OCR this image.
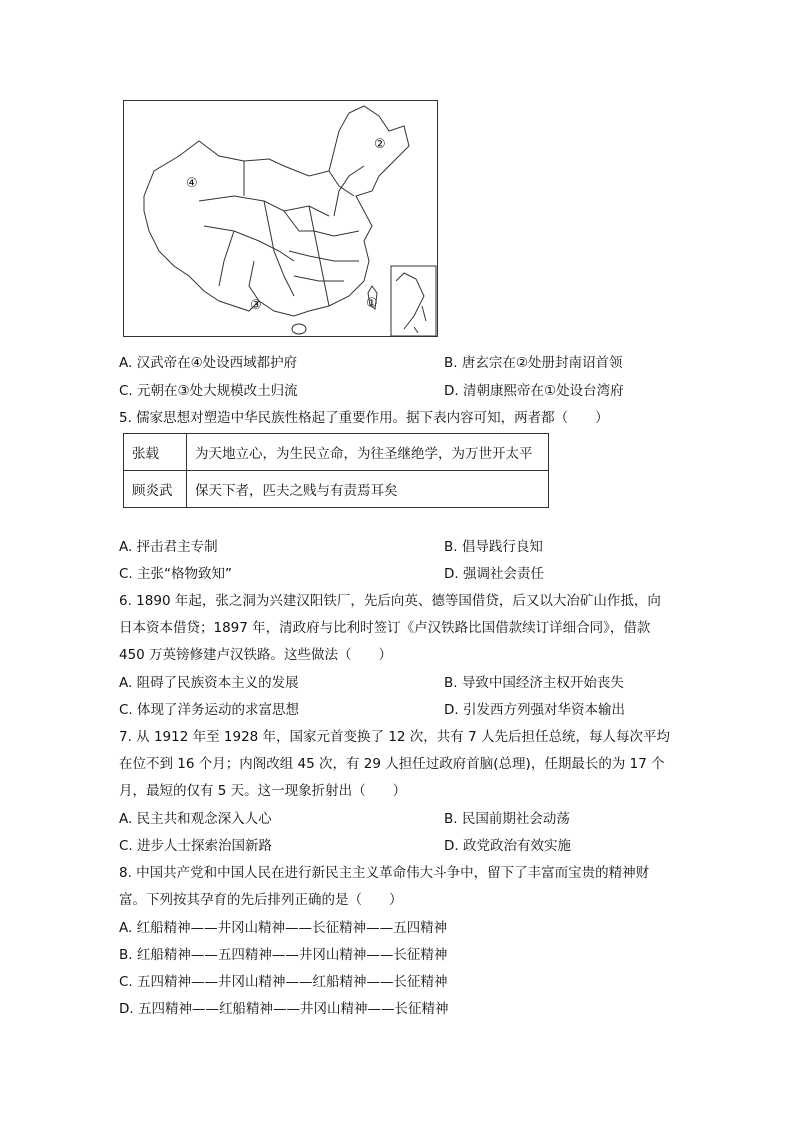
②
④
③	①
A. 汉武帝在④处设西域都护府	B. 唐玄宗在②处册封南诏首领
C. 元朝在③处大规模改土归流	D. 清朝康熙帝在①处设台湾府
5. 儒家思想对塑造中华民族性格起了重要作用。据下表内容可知，两者都（　　）
张载	为天地立心，为生民立命，为往圣继绝学，为万世开太平
顾炎武	保天下者，匹夫之贱与有责焉耳矣
A. 抨击君主专制	B. 倡导践行良知
C. 主张“格物致知”	D. 强调社会责任
6. 1890 年起，张之洞为兴建汉阳铁厂，先后向英、德等国借贷，后又以大冶矿山作抵，向
日本资本借贷；1897 年，清政府与比利时签订《卢汉铁路比国借款续订详细合同》，借款
450 万英镑修建卢汉铁路。这些做法（　　）
A. 阻碍了民族资本主义的发展	B. 导致中国经济主权开始丧失
C. 体现了洋务运动的求富思想	D. 引发西方列强对华资本输出
7. 从 1912 年至 1928 年，国家元首变换了 12 次，共有 7 人先后担任总统，每人每次平均
在位不到 16 个月；内阁改组 45 次，有 29 人担任过政府首脑(总理)，任期最长的为 17 个
月，最短的仅有 5 天。这一现象折射出（　　）
A. 民主共和观念深入人心	B. 民国前期社会动荡
C. 进步人士探索治国新路	D. 政党政治有效实施
8. 中国共产党和中国人民在进行新民主主义革命伟大斗争中，留下了丰富而宝贵的精神财
富。下列按其孕育的先后排列正确的是（　　）
A. 红船精神——井冈山精神——长征精神——五四精神
B. 红船精神——五四精神——井冈山精神——长征精神
C. 五四精神——井冈山精神——红船精神——长征精神
D. 五四精神——红船精神——井冈山精神——长征精神
